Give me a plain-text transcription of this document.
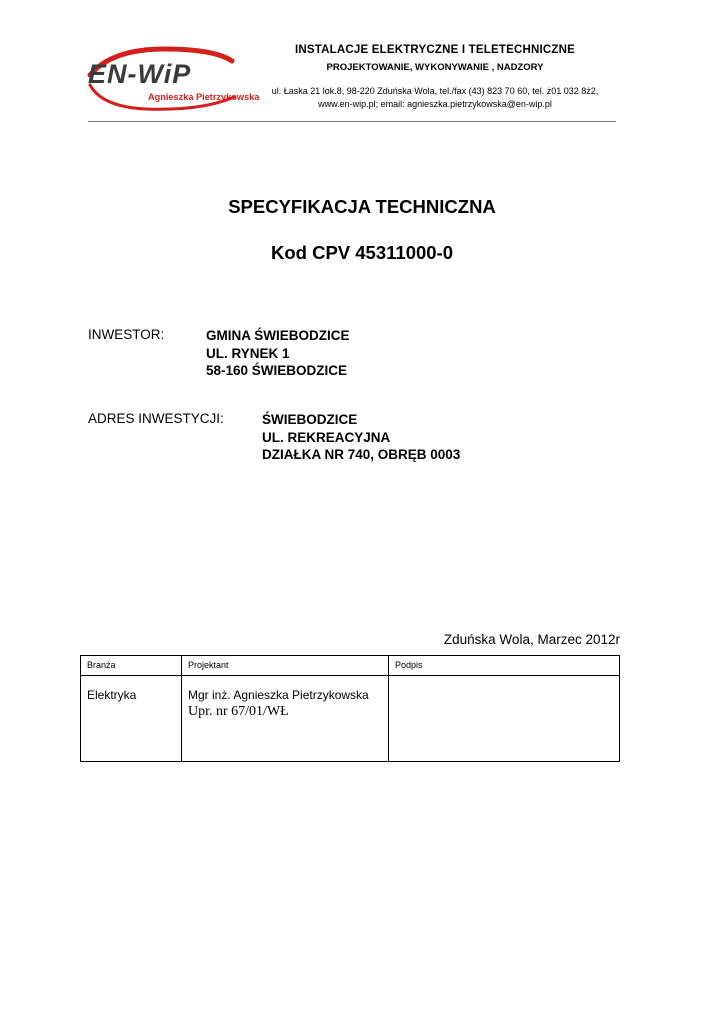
EN-WiP
Agnieszka Pietrzykowska
INSTALACJE ELEKTRYCZNE I TELETECHNICZNE
PROJEKTOWANIE, WYKONYWANIE , NADZORY
ul. Łaska 21 lok.8, 98-220 Zduńska Wola, tel./fax (43) 823 70 60, tel. ż01 032 8ż2,
www.en-wip.pl; email: agnieszka.pietrzykowska@en-wip.pl
SPECYFIKACJA TECHNICZNA
Kod CPV 45311000-0
INWESTOR:	GMINA ŚWIEBODZICE
UL. RYNEK 1
58-160 ŚWIEBODZICE
ADRES INWESTYCJI:	ŚWIEBODZICE
UL. REKREACYJNA
DZIAŁKA NR 740, OBRĘB 0003
Zduńska Wola, Marzec 2012r
Branża	Projektant	Podpis
Elektryka	Mgr inż. Agnieszka Pietrzykowska
Upr. nr 67/01/WŁ	
